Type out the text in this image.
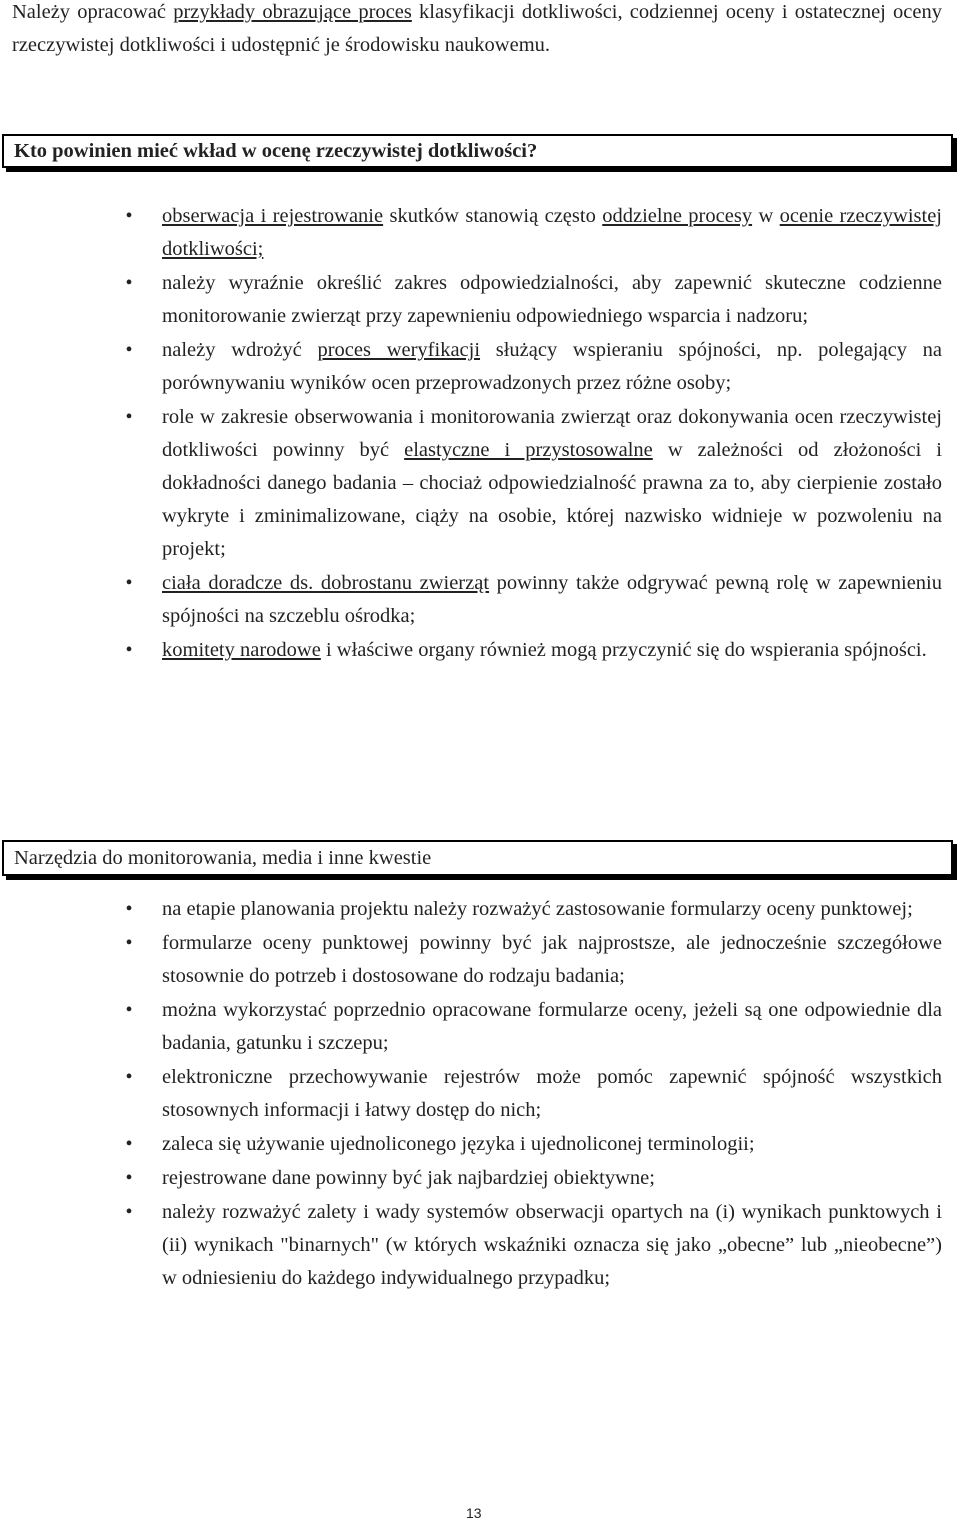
Należy opracować przykłady obrazujące proces klasyfikacji dotkliwości, codziennej oceny i ostatecznej oceny rzeczywistej dotkliwości i udostępnić je środowisku naukowemu.

Kto powinien mieć wkład w ocenę rzeczywistej dotkliwości?
• obserwacja i rejestrowanie skutków stanowią często oddzielne procesy w ocenie rzeczywistej dotkliwości;
• należy wyraźnie określić zakres odpowiedzialności, aby zapewnić skuteczne codzienne monitorowanie zwierząt przy zapewnieniu odpowiedniego wsparcia i nadzoru;
• należy wdrożyć proces weryfikacji służący wspieraniu spójności, np. polegający na porównywaniu wyników ocen przeprowadzonych przez różne osoby;
• role w zakresie obserwowania i monitorowania zwierząt oraz dokonywania ocen rzeczywistej dotkliwości powinny być elastyczne i przystosowalne w zależności od złożoności i dokładności danego badania – chociaż odpowiedzialność prawna za to, aby cierpienie zostało wykryte i zminimalizowane, ciąży na osobie, której nazwisko widnieje w pozwoleniu na projekt;
• ciała doradcze ds. dobrostanu zwierząt powinny także odgrywać pewną rolę w zapewnieniu spójności na szczeblu ośrodka;
• komitety narodowe i właściwe organy również mogą przyczynić się do wspierania spójności.
Narzędzia do monitorowania, media i inne kwestie
• na etapie planowania projektu należy rozważyć zastosowanie formularzy oceny punktowej;
• formularze oceny punktowej powinny być jak najprostsze, ale jednocześnie szczegółowe stosownie do potrzeb i dostosowane do rodzaju badania;
• można wykorzystać poprzednio opracowane formularze oceny, jeżeli są one odpowiednie dla badania, gatunku i szczepu;
• elektroniczne przechowywanie rejestrów może pomóc zapewnić spójność wszystkich stosownych informacji i łatwy dostęp do nich;
• zaleca się używanie ujednoliconego języka i ujednoliconej terminologii;
• rejestrowane dane powinny być jak najbardziej obiektywne;
• należy rozważyć zalety i wady systemów obserwacji opartych na (i) wynikach punktowych i (ii) wynikach "binarnych" (w których wskaźniki oznacza się jako „obecne” lub „nieobecne”) w odniesieniu do każdego indywidualnego przypadku;
13
